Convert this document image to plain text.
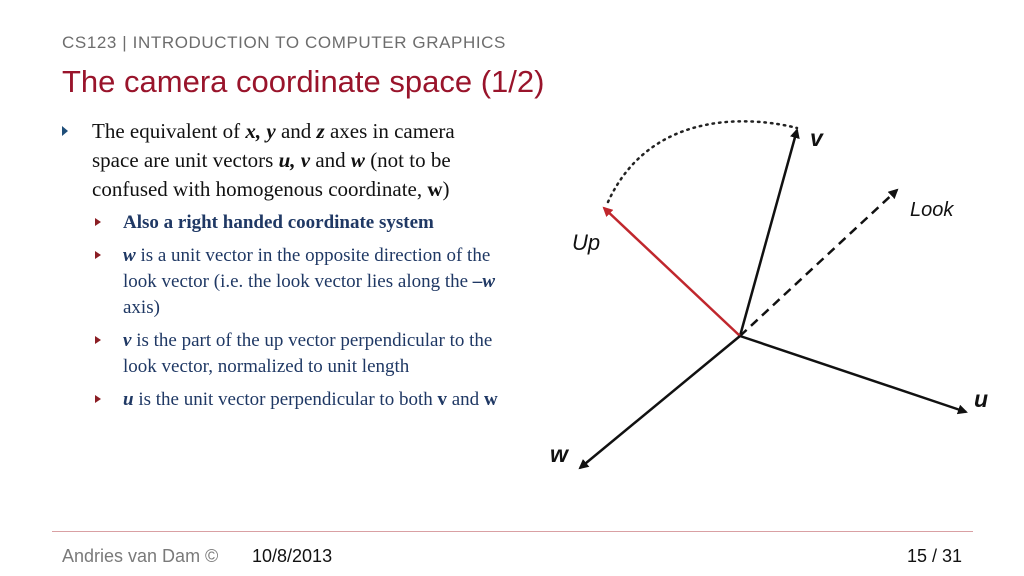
CS123 | INTRODUCTION TO COMPUTER GRAPHICS
The camera coordinate space (1/2)
The equivalent of x, y and z axes in camera space are unit vectors u, v and w (not to be confused with homogenous coordinate, w)
Also a right handed coordinate system
w is a unit vector in the opposite direction of the look vector (i.e. the look vector lies along the –w axis)
v is the part of the up vector perpendicular to the look vector, normalized to unit length
u is the unit vector perpendicular to both v and w
v
Look
Up
u
w
Andries van Dam © 10/8/2013	15 / 31
